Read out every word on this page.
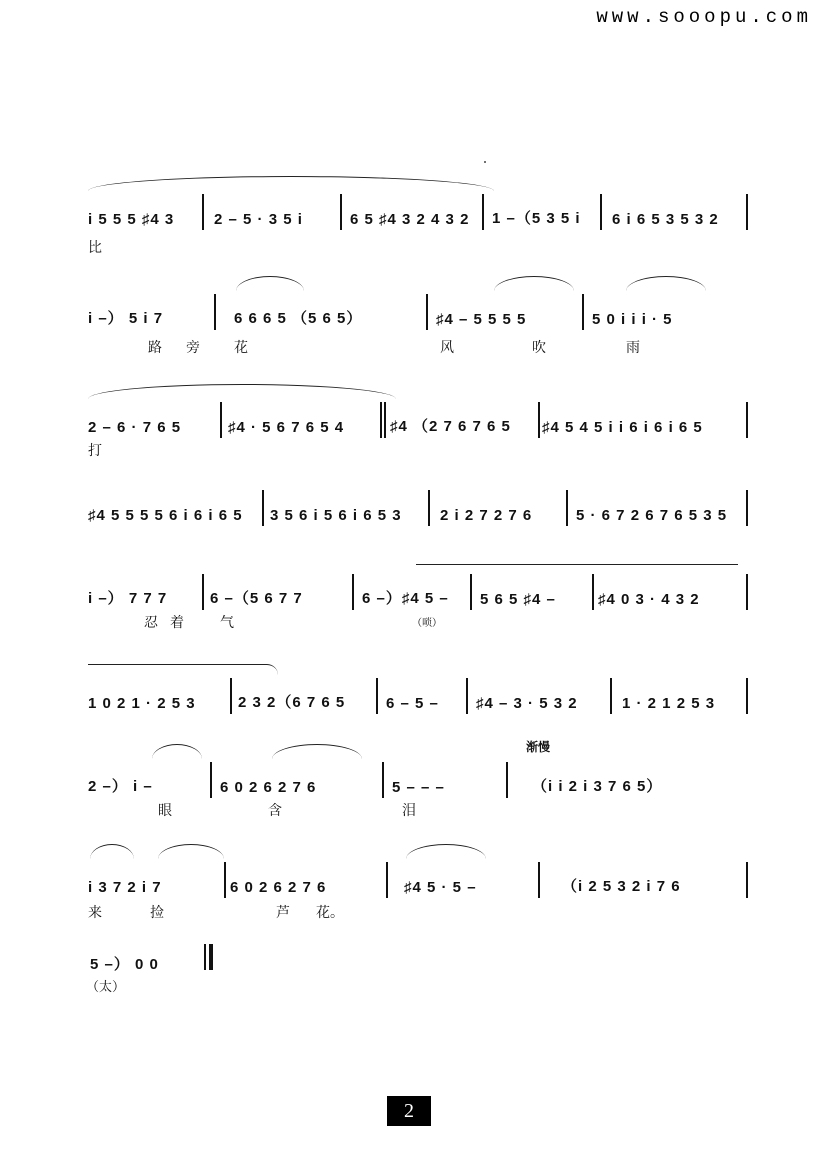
www.sooopu.com
i 5 5 5 ♯4 3	2 – 5 · 3 5 i	6 5 ♯4 3 2 4 3 2 1 –（5 3 5 i 6 i 6 5 3 5 3 2
比
i –） 5 i 7	6 6 6 5 （5 6 5）	♯4 – 5 5 5 5	5 0 i i i · 5
路 旁 花	风	吹	雨
2 – 6 · 7 6 5	♯4 · 5 6 7 6 5 4	♯4 （2 7 6 7 6 5 ♯4 5 4 5 i i 6 i 6 i 6 5
打
♯4 5 5 5 5 6 i 6 i 6 5 3 5 6 i 5 6 i 6 5 3	2 i 2 7 2 7 6	5 · 6 7 2 6 7 6 5 3 5
i –） 7 7 7	6 –（5 6 7 7	6 –）♯4 5 – 5 6 5 ♯4 –	♯4 0 3 · 4 3 2
忍 着	气	（唢）
1 0 2 1 · 2 5 3	2 3 2（6 7 6 5	6 – 5 – ♯4 – 3 · 5 3 2	1 · 2 1 2 5 3
渐慢
2 –） i –	6 0 2 6 2 7 6	5 – – –	（i i 2 i 3 7 6 5）
眼	含	泪
i 3 7 2 i 7	6 0 2 6 2 7 6	♯4 5 · 5 –	（i 2 5 3 2 i 7 6
来	捡	芦 花。
5 –） 0 0
（太）
2
